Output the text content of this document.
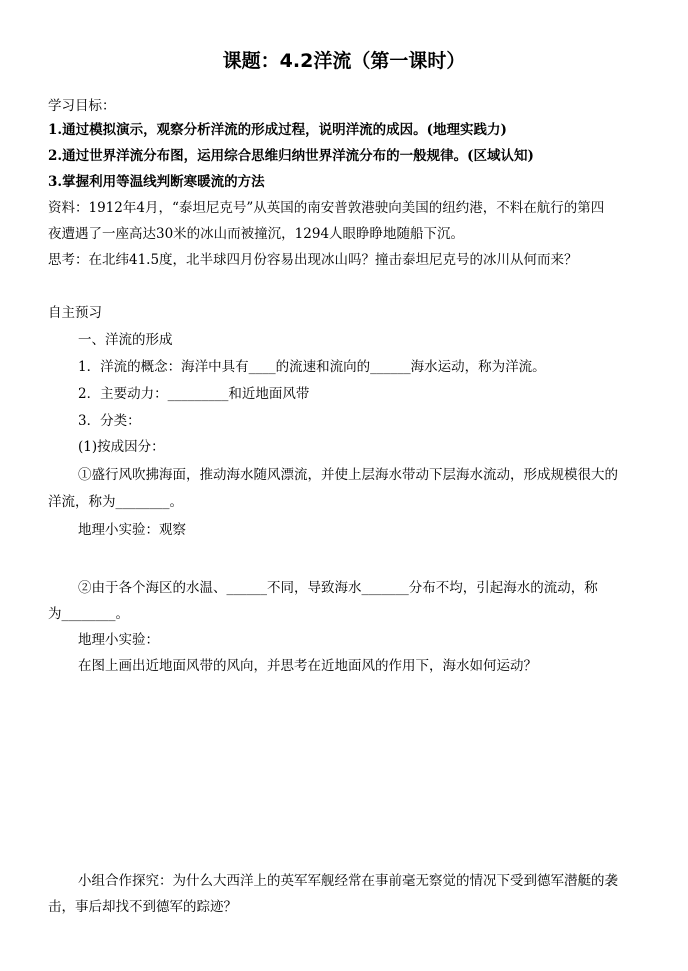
课题：4.2洋流（第一课时）
学习目标：
1.通过模拟演示，观察分析洋流的形成过程，说明洋流的成因。(地理实践力)
2.通过世界洋流分布图，运用综合思维归纳世界洋流分布的一般规律。(区域认知)
3.掌握利用等温线判断寒暖流的方法
资料：1912年4月，“泰坦尼克号”从英国的南安普敦港驶向美国的纽约港，不料在航行的第四
夜遭遇了一座高达30米的冰山而被撞沉，1294人眼睁睁地随船下沉。
思考：在北纬41.5度，北半球四月份容易出现冰山吗？撞击泰坦尼克号的冰川从何而来？
自主预习
一、洋流的形成
1．洋流的概念：海洋中具有____的流速和流向的______海水运动，称为洋流。
2．主要动力：_________和近地面风带
3．分类：
(1)按成因分：
①盛行风吹拂海面，推动海水随风漂流，并使上层海水带动下层海水流动，形成规模很大的
洋流，称为________。
地理小实验：观察
②由于各个海区的水温、______不同，导致海水_______分布不均，引起海水的流动，称
为________。
地理小实验：
在图上画出近地面风带的风向，并思考在近地面风的作用下，海水如何运动？
小组合作探究：为什么大西洋上的英军军舰经常在事前毫无察觉的情况下受到德军潜艇的袭
击，事后却找不到德军的踪迹？
